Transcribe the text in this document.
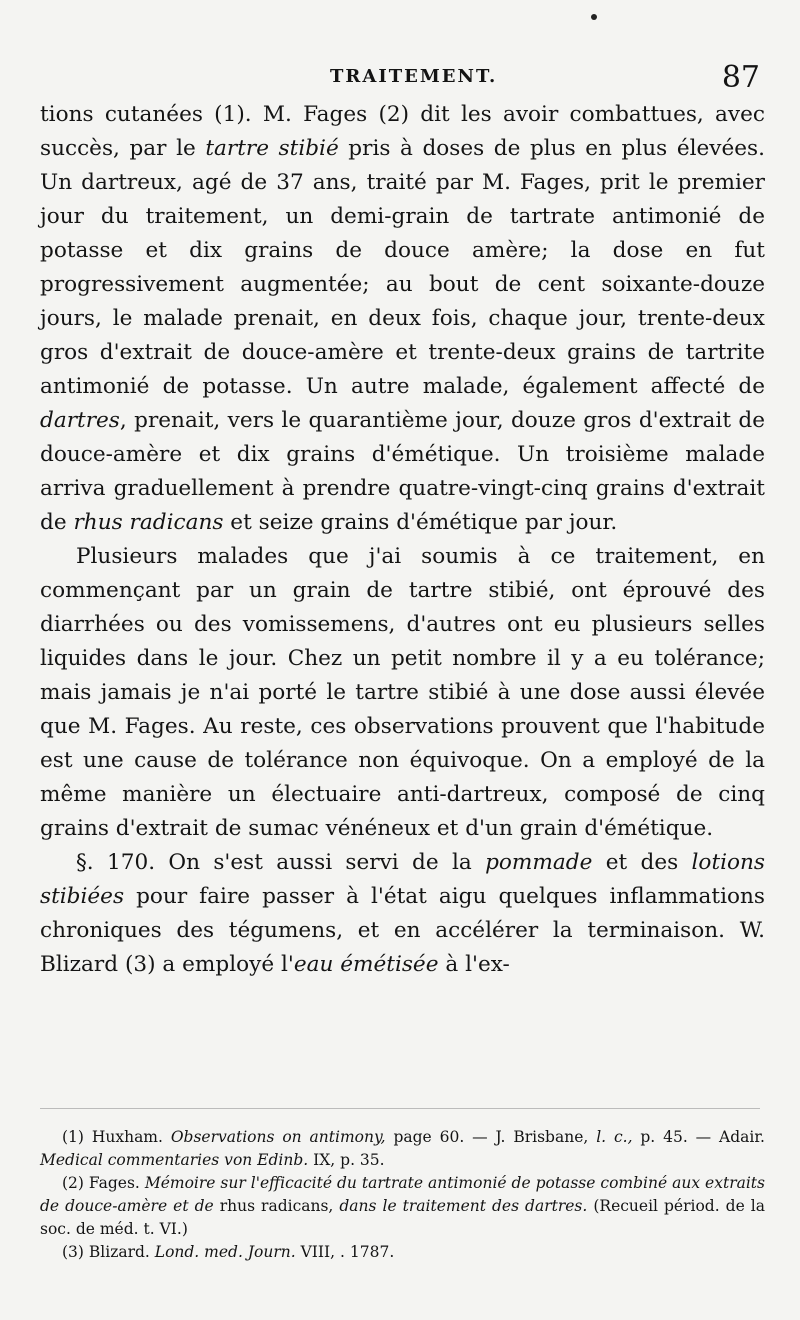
TRAITEMENT.	87

tions cutanées (1). M. Fages (2) dit les avoir combattues, avec succès, par le tartre stibié pris à doses de plus en plus élevées. Un dartreux, agé de 37 ans, traité par M. Fages, prit le premier jour du traitement, un demi-grain de tartrate antimonié de potasse et dix grains de douce amère; la dose en fut progressivement augmentée; au bout de cent soixante-douze jours, le malade prenait, en deux fois, chaque jour, trente-deux gros d'extrait de douce-amère et trente-deux grains de tartrite antimonié de potasse. Un autre malade, également affecté de dartres, prenait, vers le quarantième jour, douze gros d'extrait de douce-amère et dix grains d'émétique. Un troisième malade arriva graduellement à prendre quatre-vingt-cinq grains d'extrait de rhus radicans et seize grains d'émétique par jour.

Plusieurs malades que j'ai soumis à ce traitement, en commençant par un grain de tartre stibié, ont éprouvé des diarrhées ou des vomissemens, d'autres ont eu plusieurs selles liquides dans le jour. Chez un petit nombre il y a eu tolérance; mais jamais je n'ai porté le tartre stibié à une dose aussi élevée que M. Fages. Au reste, ces observations prouvent que l'habitude est une cause de tolérance non équivoque. On a employé de la même manière un électuaire anti-dartreux, composé de cinq grains d'extrait de sumac vénéneux et d'un grain d'émétique.

§. 170. On s'est aussi servi de la pommade et des lotions stibiées pour faire passer à l'état aigu quelques inflammations chroniques des tégumens, et en accélérer la terminaison. W. Blizard (3) a employé l'eau émétisée à l'ex-

(1) Huxham. Observations on antimony, page 60. — J. Brisbane, l. c., p. 45. — Adair. Medical commentaries von Edinb. IX, p. 35.

(2) Fages. Mémoire sur l'efficacité du tartrate antimonié de potasse combiné aux extraits de douce-amère et de rhus radicans, dans le traitement des dartres. (Recueil périod. de la soc. de méd. t. VI.)

(3) Blizard. Lond. med. Journ. VIII, . 1787.
